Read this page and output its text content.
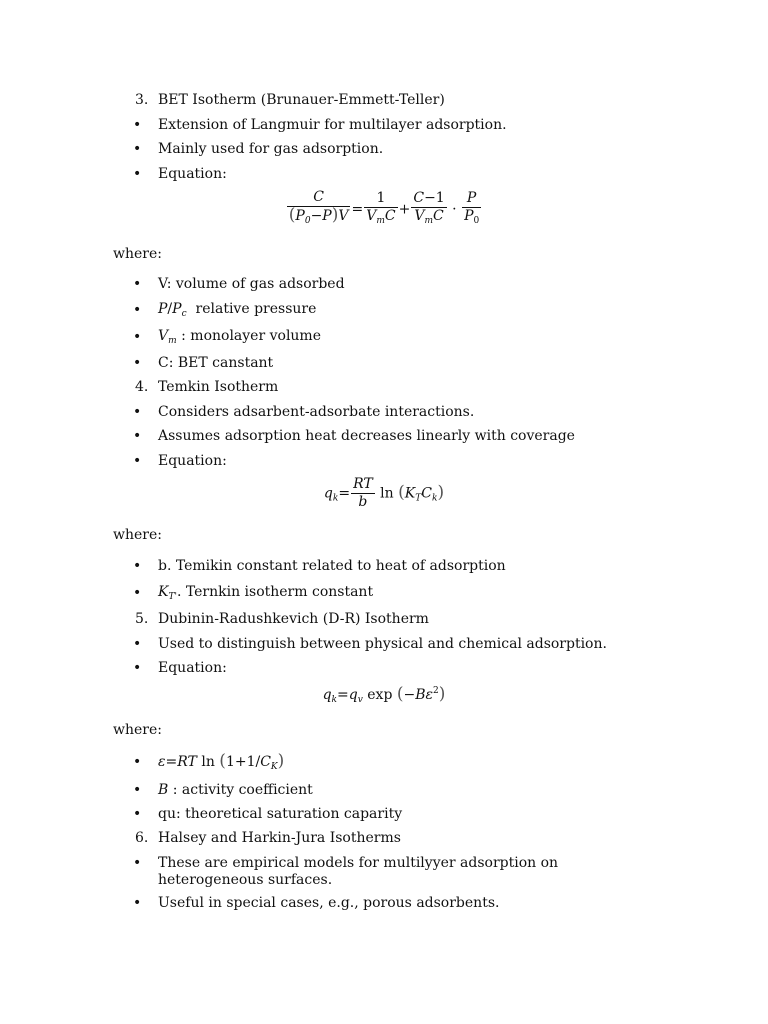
3. BET Isotherm (Brunauer-Emmett-Teller)
• Extension of Langmuir for multilayer adsorption.
• Mainly used for gas adsorption.
• Equation:
$\frac{C}{(P_0-P)V}$ =
1
$V_mC$ +
C−1
$V_mC \cdot \frac{P}{P_0}$
where:
• V: volume of gas adsorbed
• $P/P_c$ relative pressure
• $V_m$ : monolayer volume
• C: BET canstant
4. Temkin Isotherm
• Considers adsarbent-adsorbate interactions.
• Assumes adsorption heat decreases linearly with coverage
• Equation:
$q_k= \frac{RT}{b}$ $\ln (K_TC_k)$
where:
• b. Temikin constant related to heat of adsorption
• $K_{T'}$. Ternkin isotherm constant
5. Dubinin-Radushkevich (D-R) Isotherm
• Used to distinguish between physical and chemical adsorption.
• Equation:
$q_k=q_v$ $\exp (-B\varepsilon^2)$
where:
• ε=RT $\ln (1+1/C_K)$
• B : activity coefficient
• qu: theoretical saturation caparity
6. Halsey and Harkin-Jura Isotherms
• These are empirical models for multilyyer adsorption on
heterogeneous surfaces.
• Useful in special cases, e.g., porous adsorbents.
